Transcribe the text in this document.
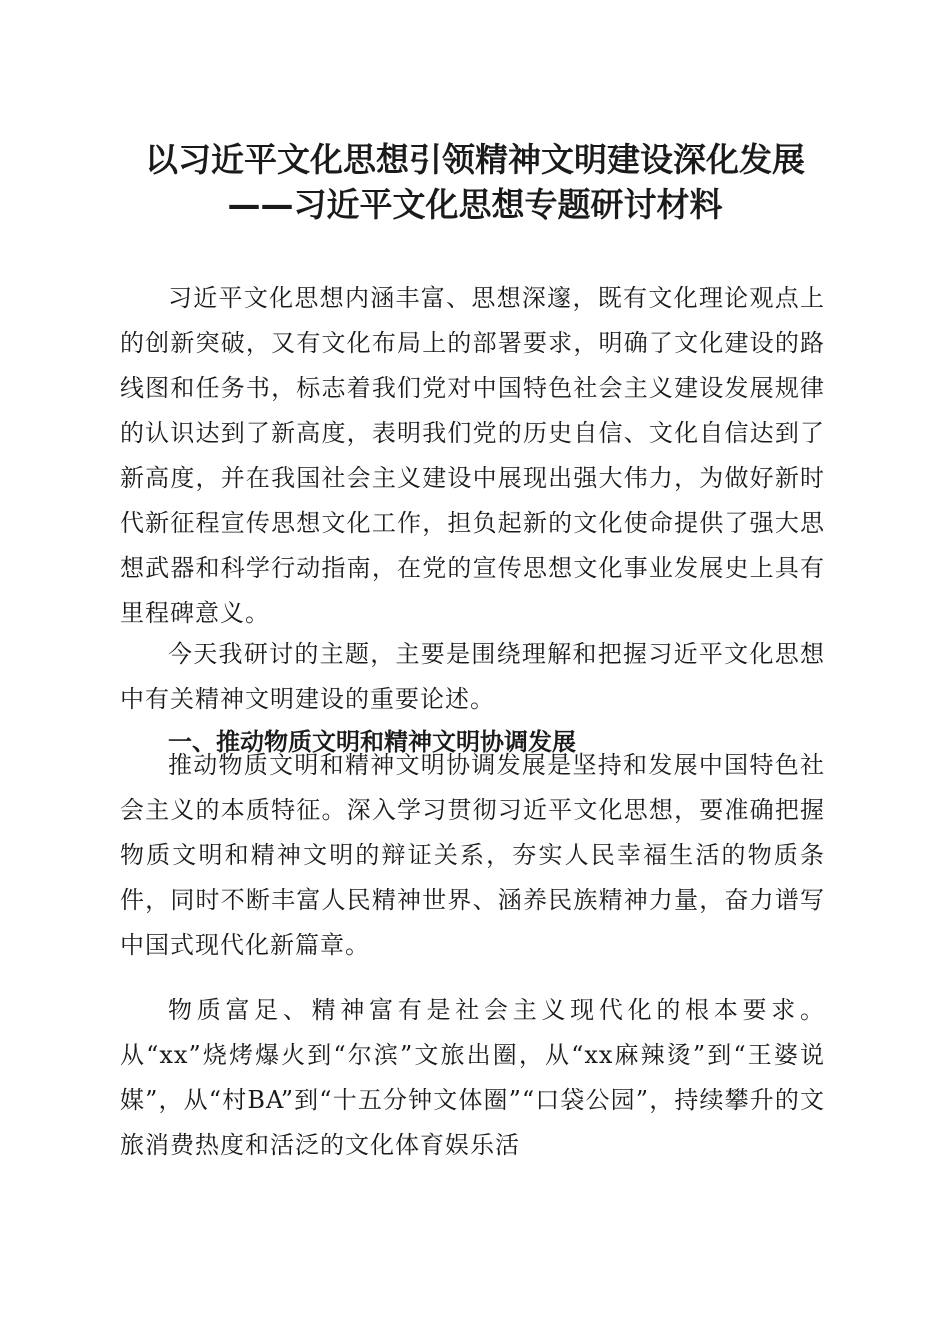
以习近平文化思想引领精神文明建设深化发展
——习近平文化思想专题研讨材料

习近平文化思想内涵丰富、思想深邃，既有文化理论观点上的创新突破，又有文化布局上的部署要求，明确了文化建设的路线图和任务书，标志着我们党对中国特色社会主义建设发展规律的认识达到了新高度，表明我们党的历史自信、文化自信达到了新高度，并在我国社会主义建设中展现出强大伟力，为做好新时代新征程宣传思想文化工作，担负起新的文化使命提供了强大思想武器和科学行动指南，在党的宣传思想文化事业发展史上具有里程碑意义。

今天我研讨的主题，主要是围绕理解和把握习近平文化思想中有关精神文明建设的重要论述。

一、推动物质文明和精神文明协调发展

推动物质文明和精神文明协调发展是坚持和发展中国特色社会主义的本质特征。深入学习贯彻习近平文化思想，要准确把握物质文明和精神文明的辩证关系，夯实人民幸福生活的物质条件，同时不断丰富人民精神世界、涵养民族精神力量，奋力谱写中国式现代化新篇章。

物质富足、精神富有是社会主义现代化的根本要求。从“xx”烧烤爆火到“尔滨”文旅出圈，从“xx麻辣烫”到“王婆说媒”，从“村BA”到“十五分钟文体圈”“口袋公园”，持续攀升的文旅消费热度和活泛的文化体育娱乐活
